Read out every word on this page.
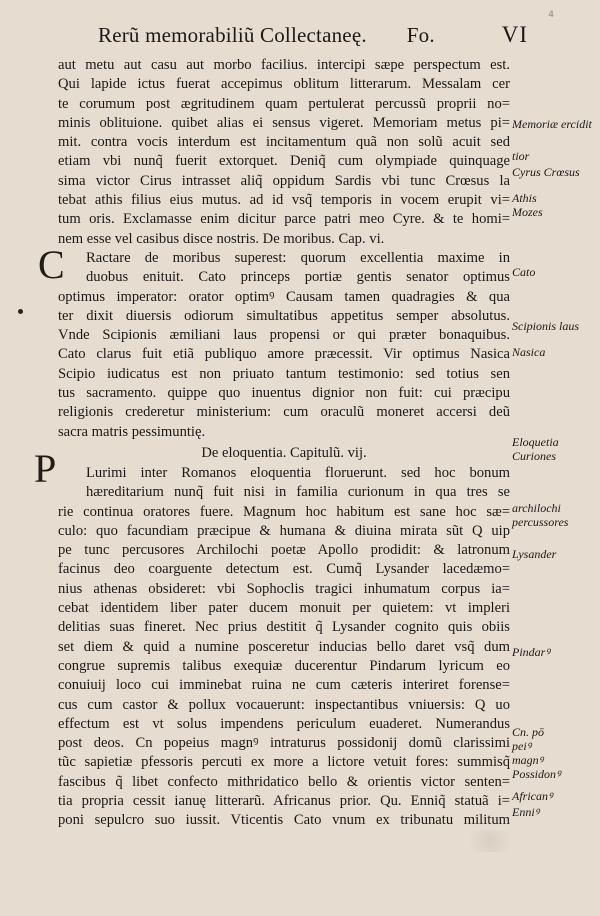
4
Rerũ memorabiliũ Collectaneę. Fo.	VI
C
P
aut metu aut casu aut morbo facilius. intercipi sæpe perspectum est.
Qui lapide ictus fuerat accepimus oblitum litterarum. Messalam cer
te corumum post ægritudinem quam pertulerat percussũ proprii no=
minis oblituione. quibet alias ei sensus vigeret. Memoriam metus pi=
mit. contra vocis interdum est incitamentum quã non solũ acuit sed
etiam vbi nunq̃ fuerit extorquet. Deniq̃ cum olympiade quinquage
sima victor Cirus intrasset aliq̃ oppidum Sardis vbi tunc Crœsus la
tebat athis filius eius mutus. ad id vsq̃ temporis in vocem erupit vi=
tum oris. Exclamasse enim dicitur parce patri meo Cyre. & te homi=
nem esse vel casibus disce nostris. De moribus. Cap. vi.
Ractare de moribus superest: quorum excellentia maxime in
duobus enituit. Cato princeps portiæ gentis senator optimus
optimus imperator: orator optimꝰ Causam tamen quadragies & qua
ter dixit diuersis odiorum simultatibus appetitus semper absolutus.
Vnde Scipionis æmiliani laus propensi or qui præter bonaquibus.
Cato clarus fuit etiã publiquo amore præcessit. Vir optimus Nasica
Scipio iudicatus est non priuato tantum testimonio: sed totius sen
tus sacramento. quippe quo inuentus dignior non fuit: cui præcipu
religionis crederetur ministerium: cum oraculũ moneret accersi deũ
sacra matris pessimuntię.
De eloquentia. Capitulũ. vij.
Lurimi inter Romanos eloquentia floruerunt. sed hoc bonum
hæreditarium nunq̃ fuit nisi in familia curionum in qua tres se
rie continua oratores fuere. Magnum hoc habitum est sane hoc sæ=
culo: quo facundiam præcipue & humana & diuina mirata sũt Q uip
pe tunc percusores Archilochi poetæ Apollo prodidit: & latronum
facinus deo coarguente detectum est. Cumq̃ Lysander lacedæmo=
nius athenas obsideret: vbi Sophoclis tragici inhumatum corpus ia=
cebat identidem liber pater ducem monuit per quietem: vt impleri
delitias suas fineret. Nec prius destitit q̃ Lysander cognito quis obiis
set diem & quid a numine posceretur inducias bello daret vsq̃ dum
congrue supremis talibus exequiæ ducerentur Pindarum lyricum eo
conuiuij loco cui imminebat ruina ne cum cæteris interiret forense=
cus cum castor & pollux vocauerunt: inspectantibus vniuersis: Q uo
effectum est vt solus impendens periculum euaderet. Numerandus
post deos. Cn popeius magnꝰ intraturus possidonij domũ clarissimi
tũc sapietiæ pfessoris percuti ex more a lictore vetuit fores: summisq̃
fascibus q̃ libet confecto mithridatico bello & orientis victor senten=
tia propria cessit ianuę litterarũ. Africanus prior. Qu. Enniq̃ statuã i=
poni sepulcro suo iussit. Vticentis Cato vnum ex tribunatu militum
Memoriæ ercidit
tior
Cyrus Crœsus
Athis
Mozes
Cato
Scipionis laus
Nasica
Eloquetia
Curiones
archilochi
percussores
Lysander
Pindarꝰ
Cn. pō
peiꝰ
magnꝰ
Possidonꝰ
Africanꝰ
Enniꝰ
